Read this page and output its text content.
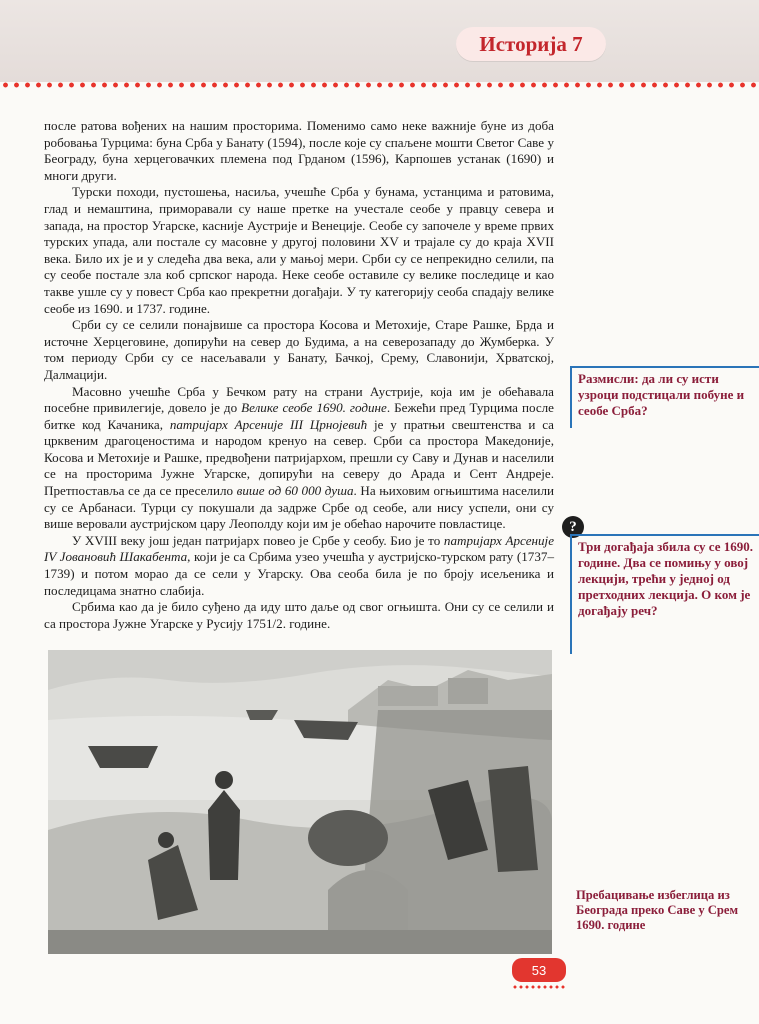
Историја 7

после ратова вођених на нашим просторима. Поменимо само неке важније буне из доба робовања Турцима: буна Срба у Банату (1594), после које су спаљене мошти Светог Саве у Београду, буна херцеговачких племена под Грданом (1596), Карпошев устанак (1690) и многи други.

Турски походи, пустошења, насиља, учешће Срба у бунама, устанцима и ратовима, глад и немаштина, приморавали су наше претке на учестале сеобе у правцу севера и запада, на простор Угарске, касније Аустрије и Венеције. Сеобе су започеле у време првих турских упада, али постале су масовне у другој половини XV и трајале су до краја XVII века. Било их је и у следећа два века, али у мањој мери. Срби су се непрекидно селили, па су сеобе постале зла коб српског народа. Неке сеобе оставиле су велике последице и као такве ушле су у повест Срба као прекретни догађаји. У ту категорију сеоба спадају велике сеобе из 1690. и 1737. године.

Срби су се селили понајвише са простора Косова и Метохије, Старе Рашке, Брда и источне Херцеговине, допирући на север до Будима, а на северозападу до Жумберка. У том периоду Срби су се насељавали у Банату, Бачкој, Срему, Славонији, Хрватској, Далмацији.

Масовно учешће Срба у Бечком рату на страни Аустрије, која им је обећавала посебне привилегије, довело је до Велике сеобе 1690. године. Бежећи пред Турцима после битке код Качаника, патријарх Арсеније III Црнојевић је у пратњи свештенства и са црквеним драгоценостима и народом кренуо на север. Срби са простора Македоније, Косова и Метохије и Рашке, предвођени патријархом, прешли су Саву и Дунав и населили се на просторима Јужне Угарске, допирући на северу до Арада и Сент Андреје. Претпоставља се да се преселило више од 60 000 душа. На њиховим огњиштима населили су се Арбанаси. Турци су покушали да задрже Србе од сеобе, али нису успели, они су више веровали аустријском цару Леополду који им је обећао нарочите повластице.

У XVIII веку још један патријарх повео је Србе у сеобу. Био је то патријарх Арсеније IV Јовановић Шакабента, који је са Србима узео учешћа у аустријско-турском рату (1737–1739) и потом морао да се сели у Угарску. Ова сеоба била је по броју исељеника и последицама знатно слабија.

Србима као да је било суђено да иду што даље од свог огњишта. Они су се селили и са простора Јужне Угарске у Русију 1751/2. године.

Размисли: да ли су исти узроци подстицали побуне и сеобе Срба?
?
Три догађаја збила су се 1690. године. Два се помињу у овој лекцији, трећи у једној од претходних лекција. О ком је догађају реч?
Пребацивање избеглица из Београда преко Саве у Срем 1690. године
53
